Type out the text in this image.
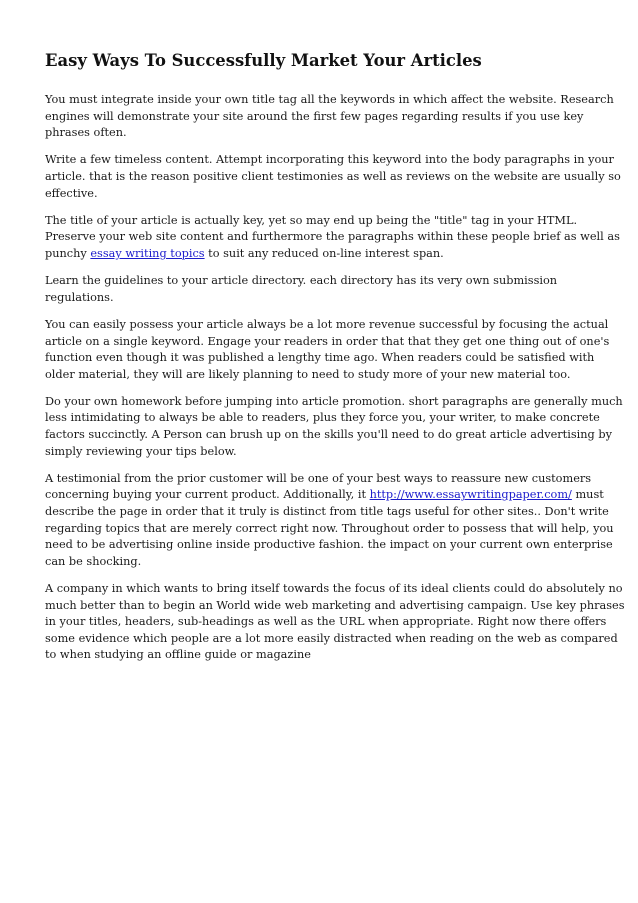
Easy Ways To Successfully Market Your Articles

You must integrate inside your own title tag all the keywords in which affect the website. Research
engines will demonstrate your site around the first few pages regarding results if you use key
phrases often.

Write a few timeless content. Attempt incorporating this keyword into the body paragraphs in your
article. that is the reason positive client testimonies as well as reviews on the website are usually so
effective.

The title of your article is actually key, yet so may end up being the "title" tag in your HTML.
Preserve your web site content and furthermore the paragraphs within these people brief as well as
punchy essay writing topics to suit any reduced on-line interest span.

Learn the guidelines to your article directory. each directory has its very own submission
regulations.

You can easily possess your article always be a lot more revenue successful by focusing the actual
article on a single keyword. Engage your readers in order that that they get one thing out of one's
function even though it was published a lengthy time ago. When readers could be satisfied with
older material, they will are likely planning to need to study more of your new material too.

Do your own homework before jumping into article promotion. short paragraphs are generally much
less intimidating to always be able to readers, plus they force you, your writer, to make concrete
factors succinctly. A Person can brush up on the skills you'll need to do great article advertising by
simply reviewing your tips below.

A testimonial from the prior customer will be one of your best ways to reassure new customers
concerning buying your current product. Additionally, it http://www.essaywritingpaper.com/ must
describe the page in order that it truly is distinct from title tags useful for other sites.. Don't write
regarding topics that are merely correct right now. Throughout order to possess that will help, you
need to be advertising online inside productive fashion. the impact on your current own enterprise
can be shocking.

A company in which wants to bring itself towards the focus of its ideal clients could do absolutely no
much better than to begin an World wide web marketing and advertising campaign. Use key phrases
in your titles, headers, sub-headings as well as the URL when appropriate. Right now there offers
some evidence which people are a lot more easily distracted when reading on the web as compared
to when studying an offline guide or magazine
